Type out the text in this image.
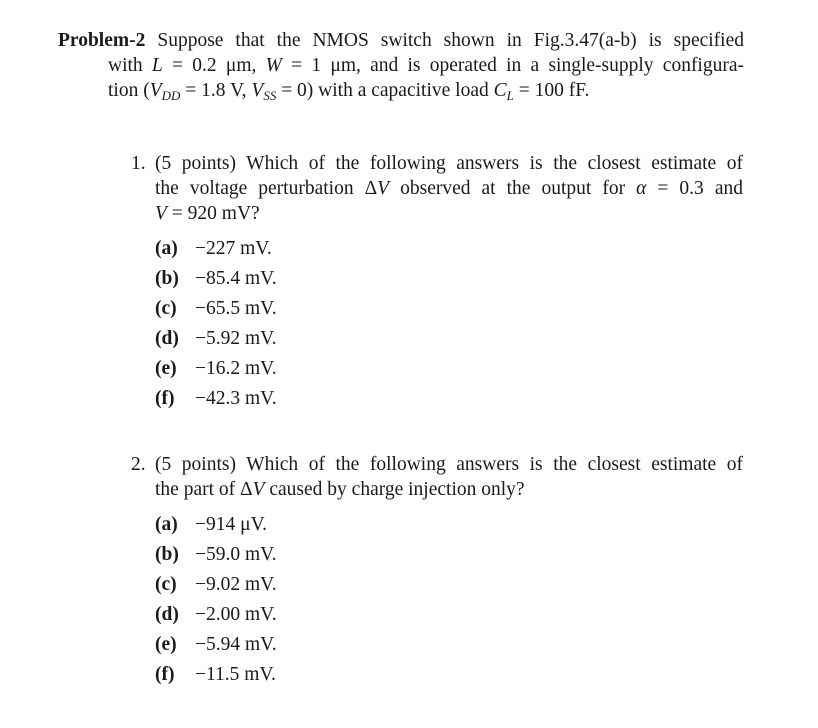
Problem-2 Suppose that the NMOS switch shown in Fig.3.47(a-b) is specified
with L = 0.2 μm, W = 1 μm, and is operated in a single-supply configura-
tion ($V_{DD} = 1.8$ V, $V_{SS} = 0$) with a capacitive load $C_L = 100$ fF.
1. (5 points) Which of the following answers is the closest estimate of
the voltage perturbation ΔV observed at the output for α = 0.3 and
V = 920 mV?
(a) −227 mV.
(b) −85.4 mV.
(c) −65.5 mV.
(d) −5.92 mV.
(e) −16.2 mV.
(f) −42.3 mV.
2. (5 points) Which of the following answers is the closest estimate of
the part of ΔV caused by charge injection only?
(a) −914 μV.
(b) −59.0 mV.
(c) −9.02 mV.
(d) −2.00 mV.
(e) −5.94 mV.
(f) −11.5 mV.
